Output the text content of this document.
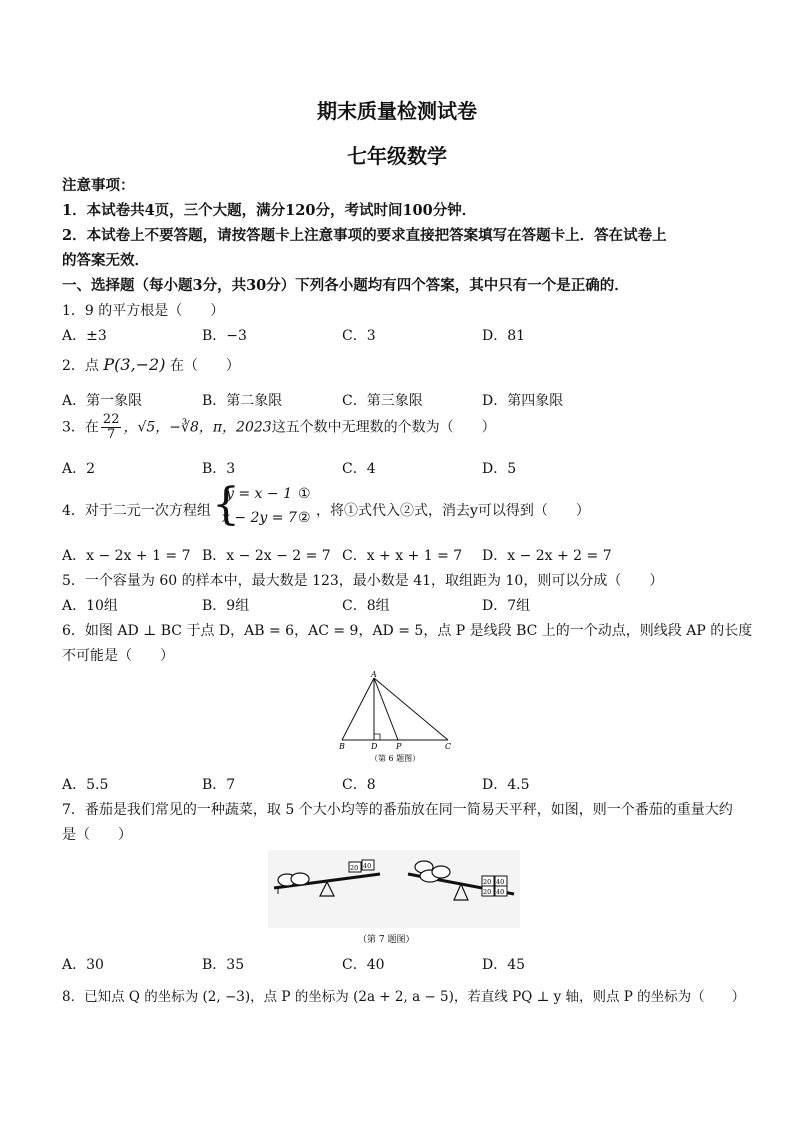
期末质量检测试卷
七年级数学
注意事项：
1．本试卷共4页，三个大题，满分120分，考试时间100分钟．
2．本试卷上不要答题，请按答题卡上注意事项的要求直接把答案填写在答题卡上．答在试卷上
的答案无效．
一、选择题（每小题3分，共30分）下列各小题均有四个答案，其中只有一个是正确的．
1．9 的平方根是（　　）
A．±3	B．−3	C．3	D．81
2．点 P(3,−2) 在（　　）
A．第一象限	B．第二象限	C．第三象限	D．第四象限
3．在 $\frac{22}{7}$ ，√5，−∛8，π，2023这五个数中无理数的个数为（　　）
A．2	B．3	C．4	D．5
4．对于二元一次方程组 {
y = x − 1
x − 2y = 7
①
② ，将①式代入②式，消去y可以得到（　　）
A．x − 2x + 1 = 7 B．x − 2x − 2 = 7 C．x + x + 1 = 7 D．x − 2x + 2 = 7
5．一个容量为 60 的样本中，最大数是 123，最小数是 41，取组距为 10，则可以分成（　　）
A．10组	B．9组	C．8组	D．7组
6．如图 AD ⊥ BC 于点 D，AB = 6，AC = 9，AD = 5，点 P 是线段 BC 上的一个动点，则线段 AP 的长度
不可能是（　　）
A
B	D P	C
（第 6 题图）
A．5.5	B．7	C．8	D．4.5
7．番茄是我们常见的一种蔬菜，取 5 个大小均等的番茄放在同一简易天平秤，如图，则一个番茄的重量大约
是（　　）
20 40
20 40
20 40
（第 7 题图）
A．30	B．35	C．40	D．45
8．已知点 Q 的坐标为 (2, −3)，点 P 的坐标为 (2a + 2, a − 5)，若直线 PQ ⊥ y 轴，则点 P 的坐标为（　　）
